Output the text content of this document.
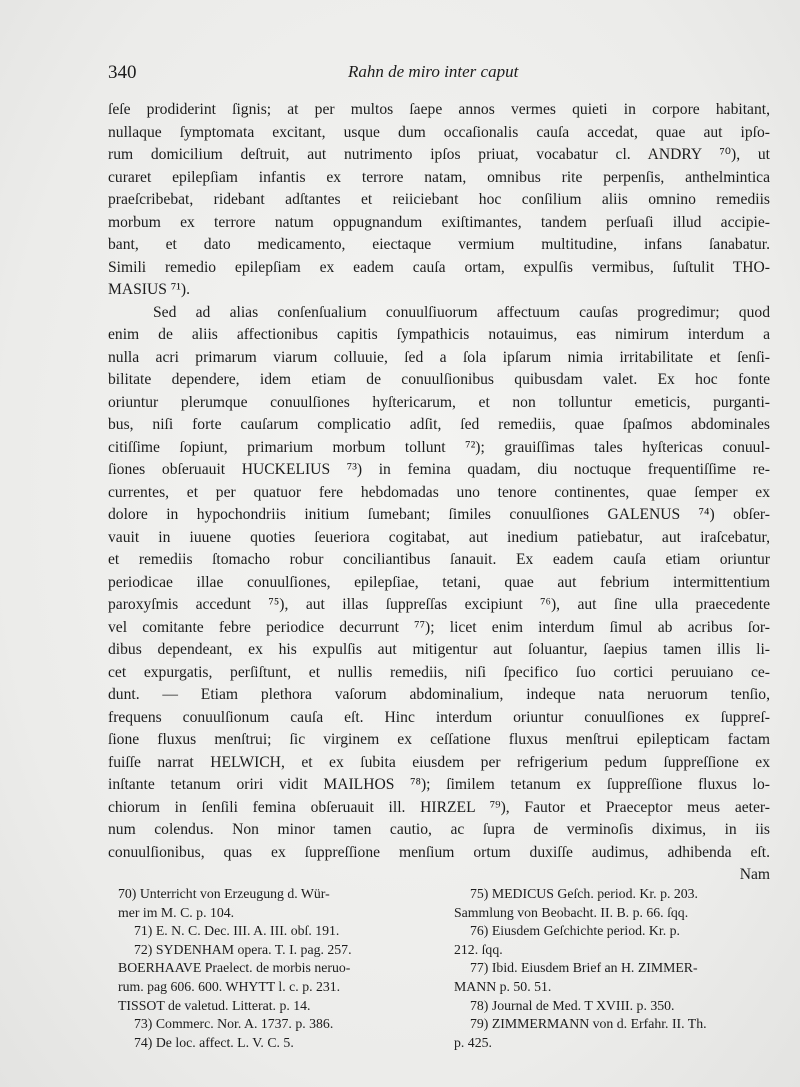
340	Rahn de miro inter caput
ſeſe prodiderint ſignis; at per multos ſaepe annos vermes quieti in corpore habitant,
nullaque ſymptomata excitant, usque dum occaſionalis cauſa accedat, quae aut ipſo-
rum domicilium deſtruit, aut nutrimento ipſos priuat, vocabatur cl. ANDRY ⁷⁰), ut
curaret epilepſiam infantis ex terrore natam, omnibus rite perpenſis, anthelmintica
praeſcribebat, ridebant adſtantes et reiiciebant hoc conſilium aliis omnino remediis
morbum ex terrore natum oppugnandum exiſtimantes, tandem perſuaſi illud accipie-
bant, et dato medicamento, eiectaque vermium multitudine, infans ſanabatur.
Simili remedio epilepſiam ex eadem cauſa ortam, expulſis vermibus, ſuſtulit THO-
MASIUS ⁷¹).
Sed ad alias conſenſualium conuulſiuorum affectuum cauſas progredimur; quod
enim de aliis affectionibus capitis ſympathicis notauimus, eas nimirum interdum a
nulla acri primarum viarum colluuie, ſed a ſola ipſarum nimia irritabilitate et ſenſi-
bilitate dependere, idem etiam de conuulſionibus quibusdam valet. Ex hoc fonte
oriuntur plerumque conuulſiones hyſtericarum, et non tolluntur emeticis, purganti-
bus, niſi forte cauſarum complicatio adſit, ſed remediis, quae ſpaſmos abdominales
citiſſime ſopiunt, primarium morbum tollunt ⁷²); grauiſſimas tales hyſtericas conuul-
ſiones obſeruauit HUCKELIUS ⁷³) in femina quadam, diu noctuque frequentiſſime re-
currentes, et per quatuor fere hebdomadas uno tenore continentes, quae ſemper ex
dolore in hypochondriis initium ſumebant; ſimiles conuulſiones GALENUS ⁷⁴) obſer-
vauit in iuuene quoties ſeueriora cogitabat, aut inedium patiebatur, aut iraſcebatur,
et remediis ſtomacho robur conciliantibus ſanauit. Ex eadem cauſa etiam oriuntur
periodicae illae conuulſiones, epilepſiae, tetani, quae aut febrium intermittentium
paroxyſmis accedunt ⁷⁵), aut illas ſuppreſſas excipiunt ⁷⁶), aut ſine ulla praecedente
vel comitante febre periodice decurrunt ⁷⁷); licet enim interdum ſimul ab acribus ſor-
dibus dependeant, ex his expulſis aut mitigentur aut ſoluantur, ſaepius tamen illis li-
cet expurgatis, perſiſtunt, et nullis remediis, niſi ſpecifico ſuo cortici peruuiano ce-
dunt. — Etiam plethora vaſorum abdominalium, indeque nata neruorum tenſio,
frequens conuulſionum cauſa eſt. Hinc interdum oriuntur conuulſiones ex ſuppreſ-
ſione fluxus menſtrui; ſic virginem ex ceſſatione fluxus menſtrui epilepticam factam
fuiſſe narrat HELWICH, et ex ſubita eiusdem per refrigerium pedum ſuppreſſione ex
inſtante tetanum oriri vidit MAILHOS ⁷⁸); ſimilem tetanum ex ſuppreſſione fluxus lo-
chiorum in ſenſili femina obſeruauit ill. HIRZEL ⁷⁹), Fautor et Praeceptor meus aeter-
num colendus. Non minor tamen cautio, ac ſupra de verminoſis diximus, in iis
conuulſionibus, quas ex ſuppreſſione menſium ortum duxiſſe audimus, adhibenda eſt.
Nam
70) Unterricht von Erzeugung d. Wür-
mer im M. C. p. 104.
71) E. N. C. Dec. III. A. III. obſ. 191.
72) SYDENHAM opera. T. I. pag. 257.
BOERHAAVE Praelect. de morbis neruo-
rum. pag 606. 600. WHYTT l. c. p. 231.
TISSOT de valetud. Litterat. p. 14.
73) Commerc. Nor. A. 1737. p. 386.
74) De loc. affect. L. V. C. 5.
75) MEDICUS Geſch. period. Kr. p. 203.
Sammlung von Beobacht. II. B. p. 66. ſqq.
76) Eiusdem Geſchichte period. Kr. p.
212. ſqq.
77) Ibid. Eiusdem Brief an H. ZIMMER-
MANN p. 50. 51.
78) Journal de Med. T XVIII. p. 350.
79) ZIMMERMANN von d. Erfahr. II. Th.
p. 425.
